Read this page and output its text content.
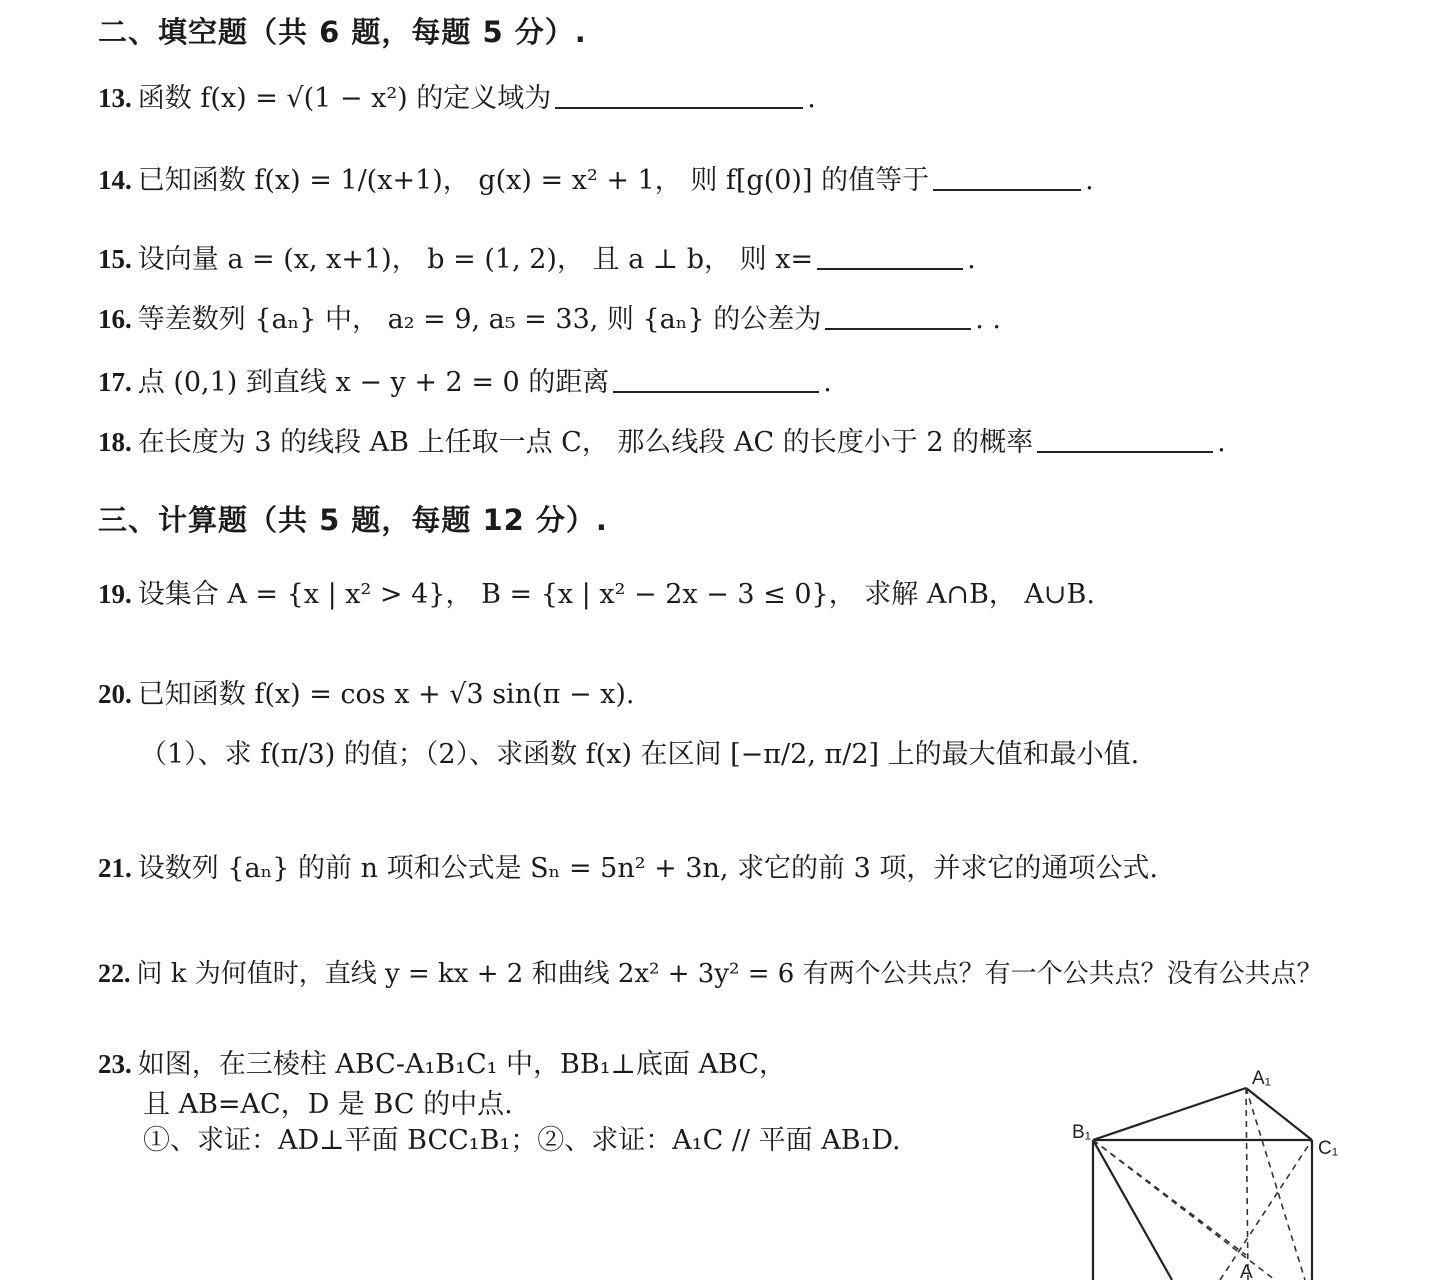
二、填空题（共 6 题，每题 5 分）.
13. 函数 f(x) = √(1 − x²) 的定义域为	.
14. 已知函数 f(x) = 1/(x+1)， g(x) = x² + 1， 则 f[g(0)] 的值等于	.
15. 设向量 a = (x, x+1)， b = (1, 2)， 且 a ⊥ b， 则 x=	.
16. 等差数列 {aₙ} 中， a₂ = 9, a₅ = 33, 则 {aₙ} 的公差为	. .
17. 点 (0,1) 到直线 x − y + 2 = 0 的距离	.
18. 在长度为 3 的线段 AB 上任取一点 C， 那么线段 AC 的长度小于 2 的概率	.
三、计算题（共 5 题，每题 12 分）.
19. 设集合 A = {x | x² > 4}， B = {x | x² − 2x − 3 ≤ 0}， 求解 A∩B， A∪B.
20. 已知函数 f(x) = cos x + √3 sin(π − x).
（1）、求 f(π/3) 的值；（2）、求函数 f(x) 在区间 [−π/2, π/2] 上的最大值和最小值.
21. 设数列 {aₙ} 的前 n 项和公式是 Sₙ = 5n² + 3n, 求它的前 3 项，并求它的通项公式.
22. 问 k 为何值时，直线 y = kx + 2 和曲线 2x² + 3y² = 6 有两个公共点？有一个公共点？没有公共点？
23. 如图，在三棱柱 ABC-A₁B₁C₁ 中，BB₁⊥底面 ABC，
且 AB=AC，D 是 BC 的中点.
①、求证：AD⊥平面 BCC₁B₁；②、求证：A₁C // 平面 AB₁D.
A₁
B₁
C₁
A
